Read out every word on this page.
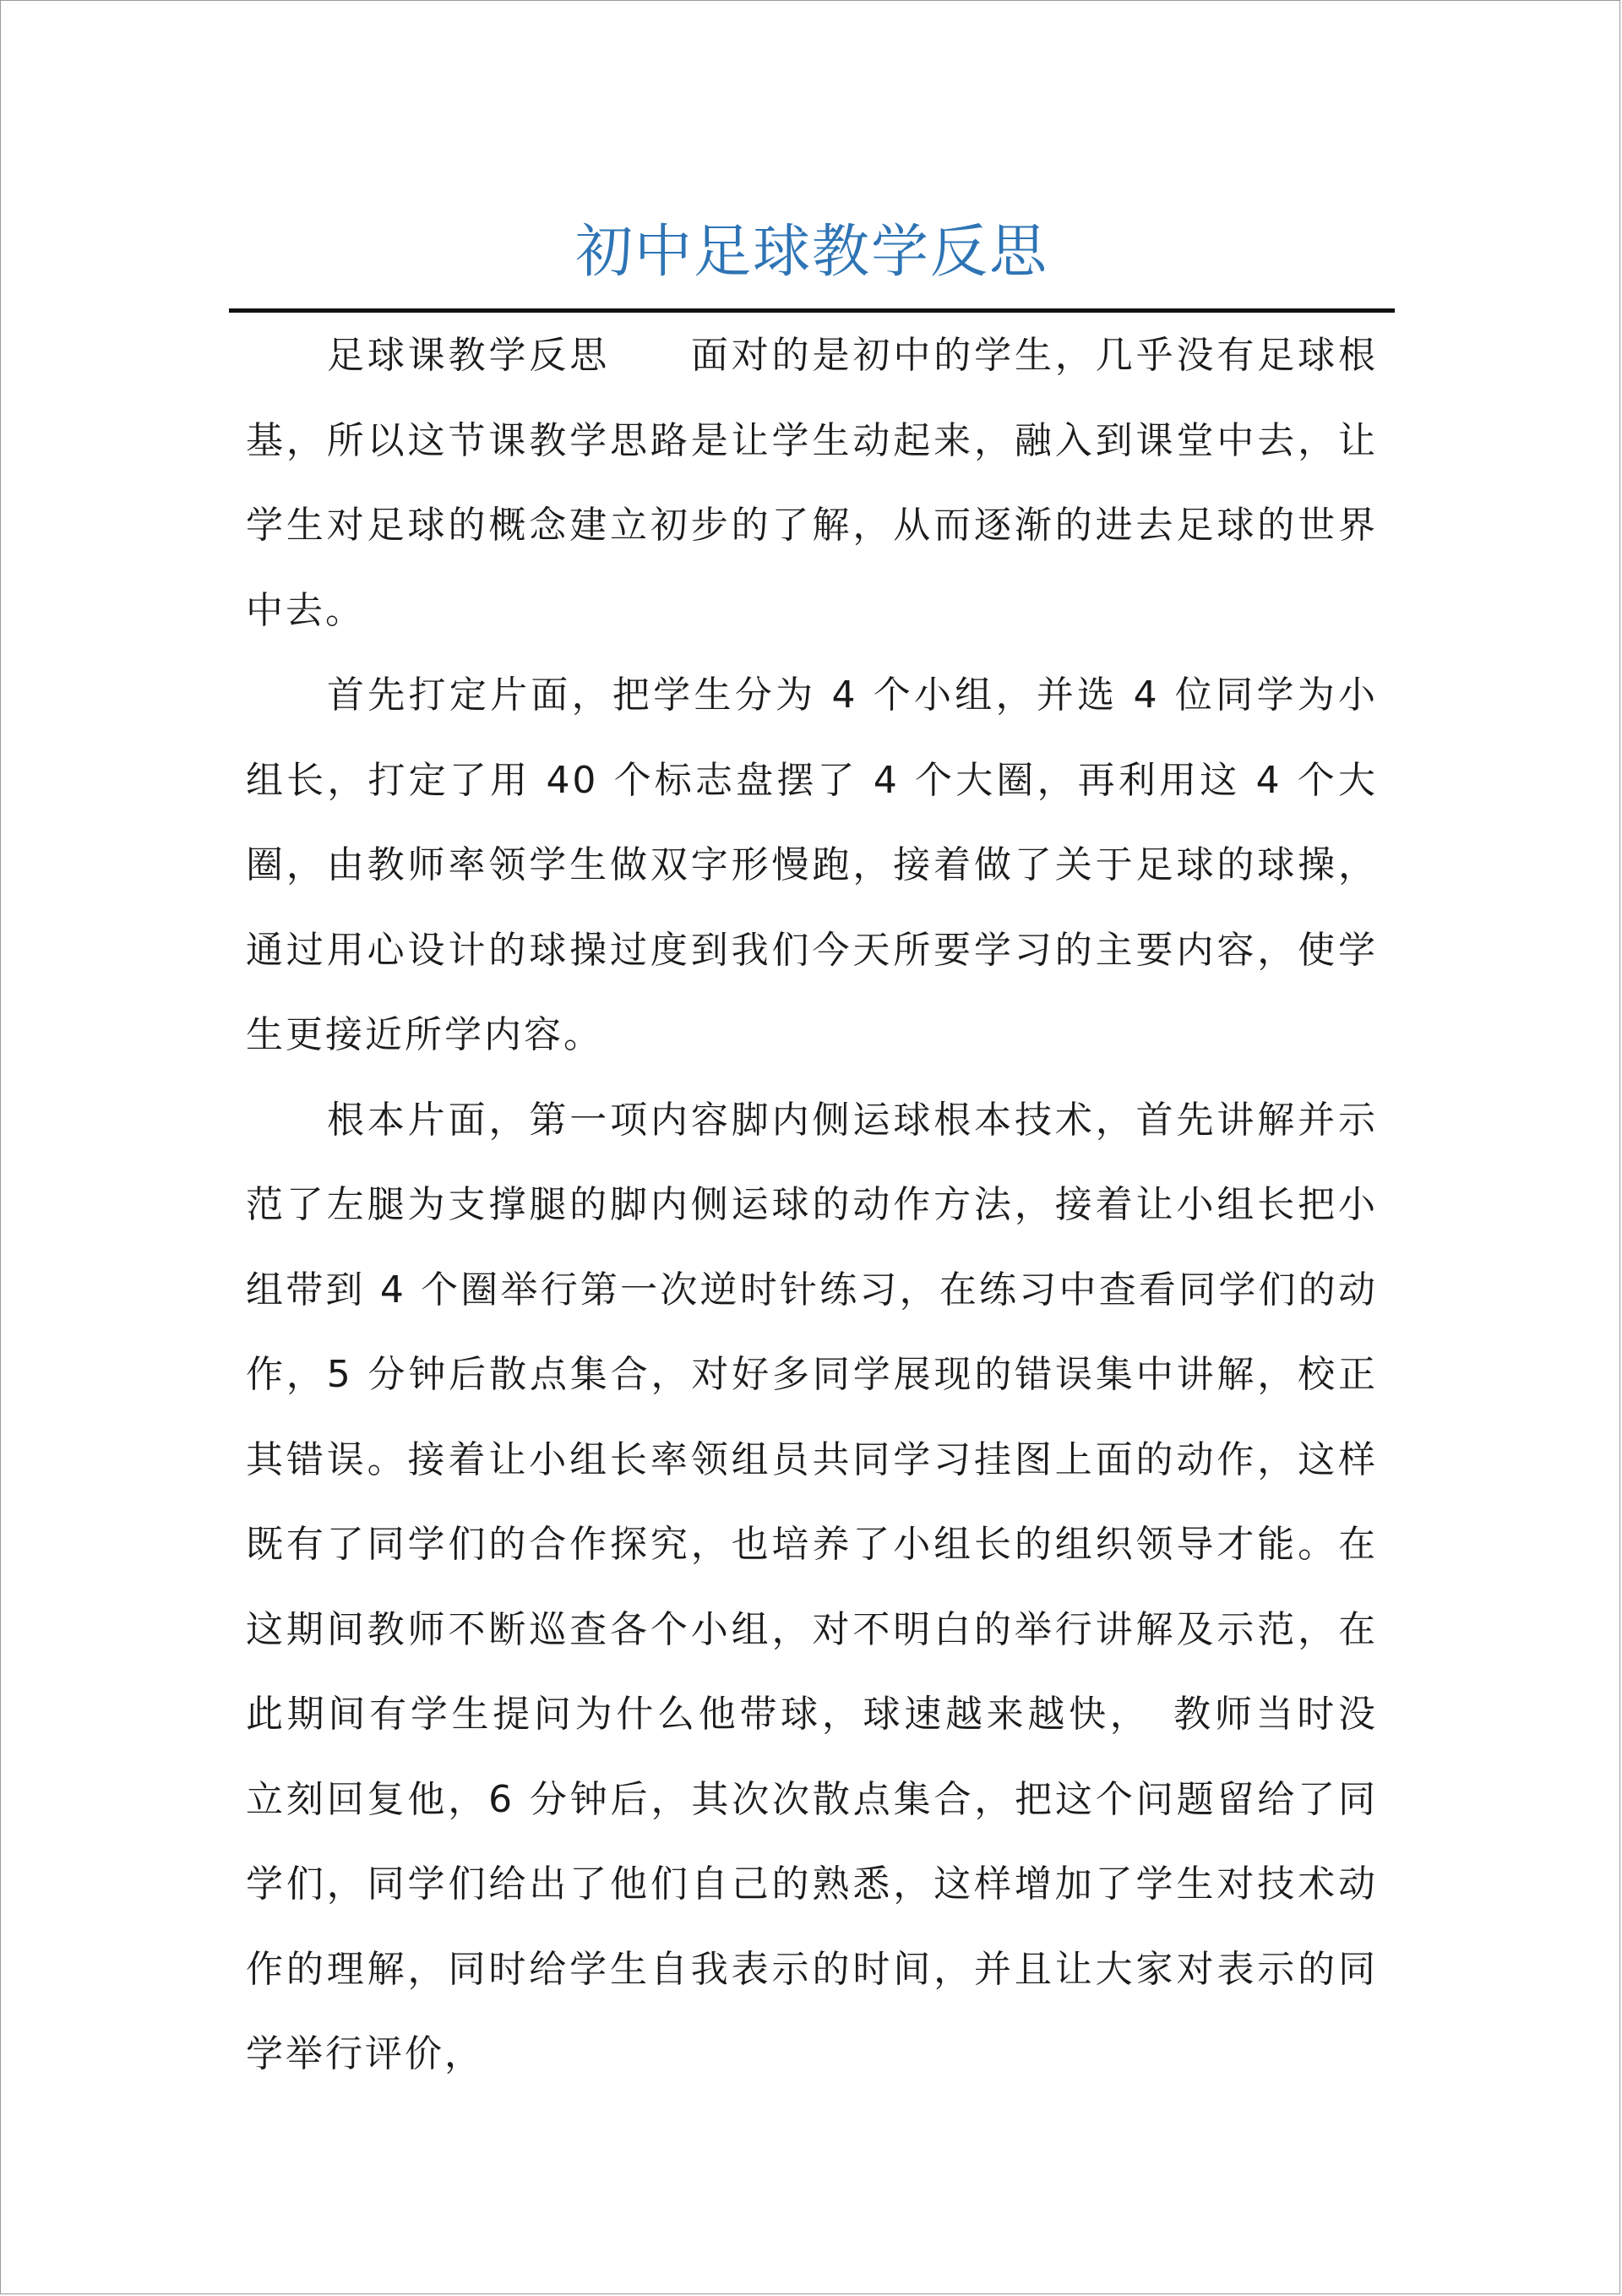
初中足球教学反思

足球课教学反思　　面对的是初中的学生，几乎没有足球根基，所以这节课教学思路是让学生动起来，融入到课堂中去，让学生对足球的概念建立初步的了解，从而逐渐的进去足球的世界中去。

首先打定片面，把学生分为 4 个小组，并选 4 位同学为小组长，打定了用 40 个标志盘摆了 4 个大圈，再利用这 4 个大圈，由教师率领学生做双字形慢跑，接着做了关于足球的球操，通过用心设计的球操过度到我们今天所要学习的主要内容，使学生更接近所学内容。

根本片面，第一项内容脚内侧运球根本技术，首先讲解并示范了左腿为支撑腿的脚内侧运球的动作方法，接着让小组长把小组带到 4 个圈举行第一次逆时针练习，在练习中查看同学们的动作，5 分钟后散点集合，对好多同学展现的错误集中讲解，校正其错误。接着让小组长率领组员共同学习挂图上面的动作，这样既有了同学们的合作探究，也培养了小组长的组织领导才能。在这期间教师不断巡查各个小组，对不明白的举行讲解及示范，在此期间有学生提问为什么他带球，球速越来越快，　教师当时没立刻回复他，6 分钟后，其次次散点集合，把这个问题留给了同学们，同学们给出了他们自己的熟悉，这样增加了学生对技术动作的理解，同时给学生自我表示的时间，并且让大家对表示的同学举行评价，
